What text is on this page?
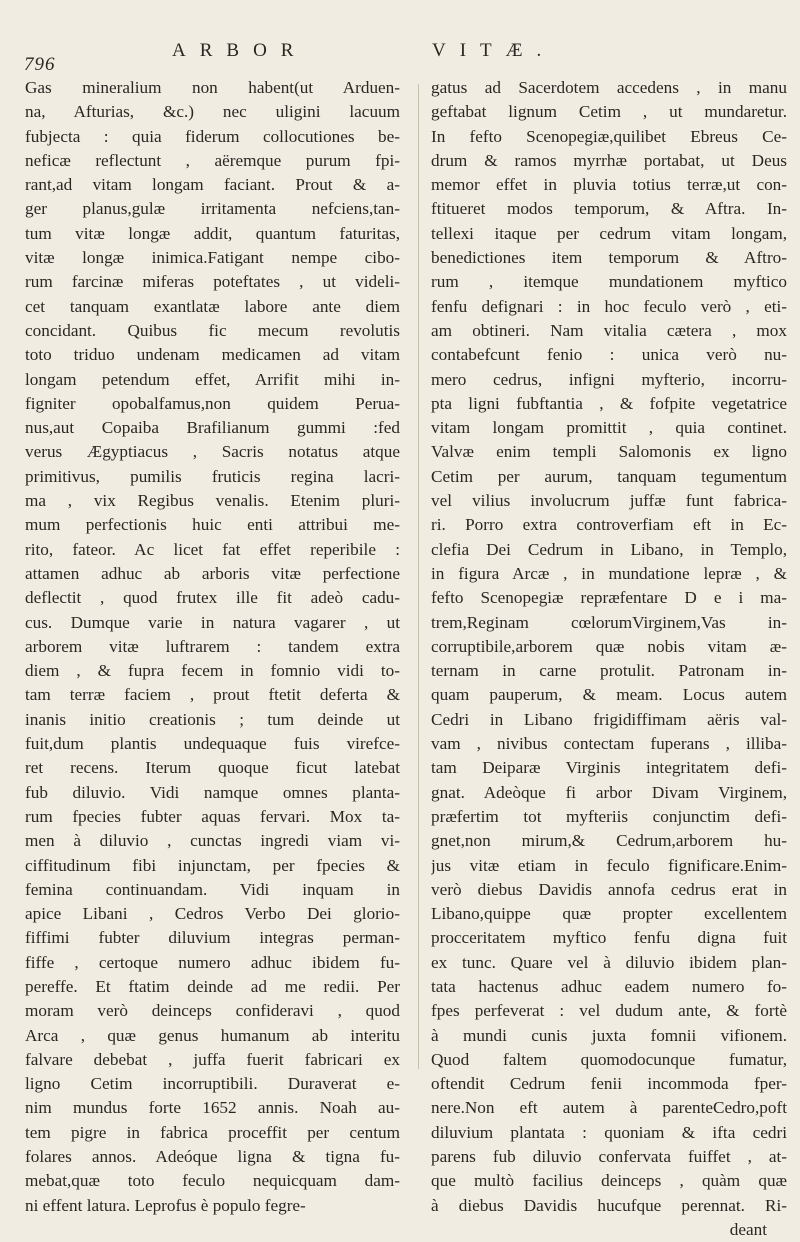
796
ARBOR	VITÆ.
Gas mineralium non habent(ut Arduen-
na, Afturias, &c.) nec uligini lacuum
fubjecta : quia fiderum collocutiones be-
neficæ reflectunt , aëremque purum fpi-
rant,ad vitam longam faciant. Prout & a-
ger planus,gulæ irritamenta nefciens,tan-
tum vitæ longæ addit, quantum faturitas,
vitæ longæ inimica.Fatigant nempe cibo-
rum farcinæ miferas poteftates , ut videli-
cet tanquam exantlatæ labore ante diem
concidant. Quibus fic mecum revolutis
toto triduo undenam medicamen ad vitam
longam petendum effet, Arrifit mihi in-
figniter opobalfamus,non quidem Perua-
nus,aut Copaiba Brafilianum gummi :fed
verus Ægyptiacus , Sacris notatus atque
primitivus, pumilis fruticis regina lacri-
ma , vix Regibus venalis. Etenim pluri-
mum perfectionis huic enti attribui me-
rito, fateor. Ac licet fat effet reperibile :
attamen adhuc ab arboris vitæ perfectione
deflectit , quod frutex ille fit adeò cadu-
cus. Dumque varie in natura vagarer , ut
arborem vitæ luftrarem : tandem extra
diem , & fupra fecem in fomnio vidi to-
tam terræ faciem , prout ftetit deferta &
inanis initio creationis ; tum deinde ut
fuit,dum plantis undequaque fuis virefce-
ret recens. Iterum quoque ficut latebat
fub diluvio. Vidi namque omnes planta-
rum fpecies fubter aquas fervari. Mox ta-
men à diluvio , cunctas ingredi viam vi-
ciffitudinum fibi injunctam, per fpecies &
femina continuandam. Vidi inquam in
apice Libani , Cedros Verbo Dei glorio-
fiffimi fubter diluvium integras perman-
fiffe , certoque numero adhuc ibidem fu-
pereffe. Et ftatim deinde ad me redii. Per
moram verò deinceps confideravi , quod
Arca , quæ genus humanum ab interitu
falvare debebat , juffa fuerit fabricari ex
ligno Cetim incorruptibili. Duraverat e-
nim mundus forte 1652 annis. Noah au-
tem pigre in fabrica proceffit per centum
folares annos. Adeóque ligna & tigna fu-
mebat,quæ toto feculo nequicquam dam-
ni effent latura. Leprofus è populo fegre-
gatus ad Sacerdotem accedens , in manu
geftabat lignum Cetim , ut mundaretur.
In fefto Scenopegiæ,quilibet Ebreus Ce-
drum & ramos myrrhæ portabat, ut Deus
memor effet in pluvia totius terræ,ut con-
ftitueret modos temporum, & Aftra. In-
tellexi itaque per cedrum vitam longam,
benedictiones item temporum & Aftro-
rum , itemque mundationem myftico
fenfu defignari : in hoc feculo verò , eti-
am obtineri. Nam vitalia cætera , mox
contabefcunt fenio : unica verò nu-
mero cedrus, infigni myfterio, incorru-
pta ligni fubftantia , & fofpite vegetatrice
vitam longam promittit , quia continet.
Valvæ enim templi Salomonis ex ligno
Cetim per aurum, tanquam tegumentum
vel vilius involucrum juffæ funt fabrica-
ri. Porro extra controverfiam eft in Ec-
clefia Dei Cedrum in Libano, in Templo,
in figura Arcæ , in mundatione lepræ , &
fefto Scenopegiæ repræfentare D e i ma-
trem,Reginam cœlorumVirginem,Vas in-
corruptibile,arborem quæ nobis vitam æ-
ternam in carne protulit. Patronam in-
quam pauperum, & meam. Locus autem
Cedri in Libano frigidiffimam aëris val-
vam , nivibus contectam fuperans , illiba-
tam Deiparæ Virginis integritatem defi-
gnat. Adeòque fi arbor Divam Virginem,
præfertim tot myfteriis conjunctim defi-
gnet,non mirum,& Cedrum,arborem hu-
jus vitæ etiam in feculo fignificare.Enim-
verò diebus Davidis annofa cedrus erat in
Libano,quippe quæ propter excellentem
procceritatem myftico fenfu digna fuit
ex tunc. Quare vel à diluvio ibidem plan-
tata hactenus adhuc eadem numero fo-
fpes perfeverat : vel dudum ante, & fortè
à mundi cunis juxta fomnii vifionem.
Quod faltem quomodocunque fumatur,
oftendit Cedrum fenii incommoda fper-
nere.Non eft autem à parenteCedro,poft
diluvium plantata : quoniam & ifta cedri
parens fub diluvio confervata fuiffet , at-
que multò facilius deinceps , quàm quæ
à diebus Davidis hucufque perennat. Ri-
deant
